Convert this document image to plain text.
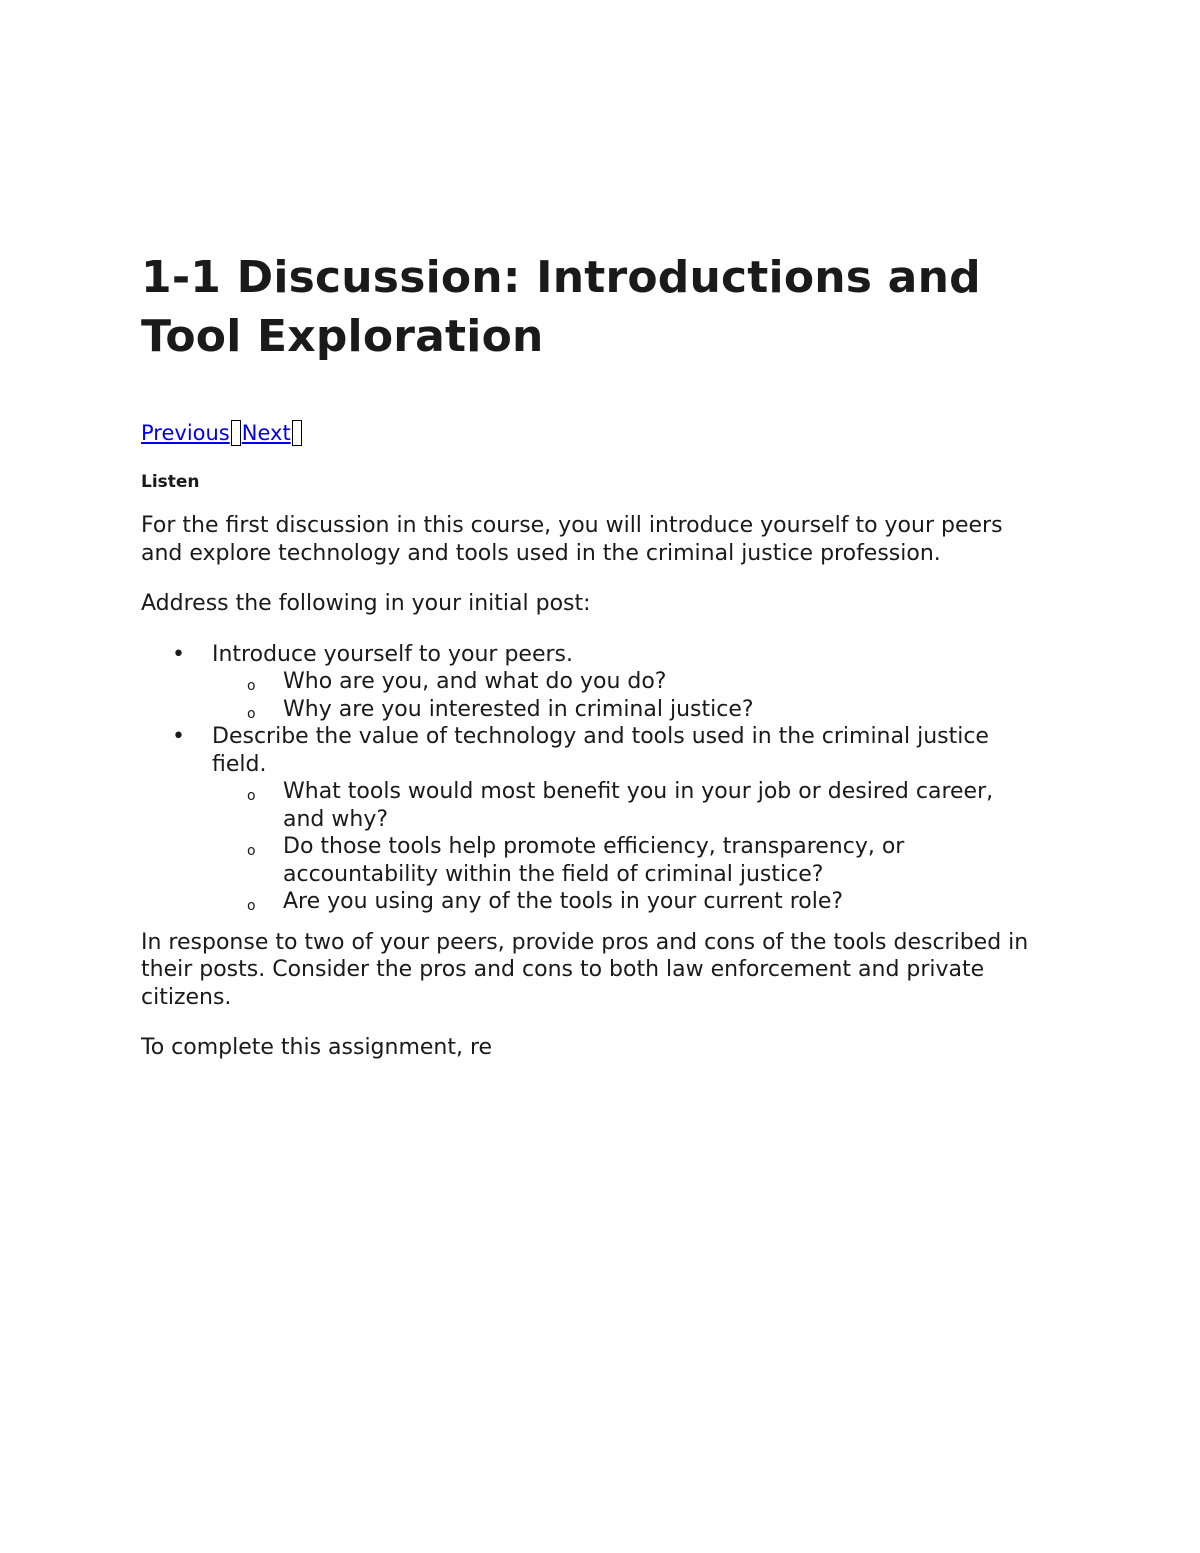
1-1 Discussion: Introductions and Tool Exploration
Previous Next
Listen

For the first discussion in this course, you will introduce yourself to your peers and explore technology and tools used in the criminal justice profession.

Address the following in your initial post:

• Introduce yourself to your peers.
o Who are you, and what do you do?
o Why are you interested in criminal justice?
• Describe the value of technology and tools used in the criminal justice field.
o What tools would most benefit you in your job or desired career, and why?
o Do those tools help promote efficiency, transparency, or accountability within the field of criminal justice?
o Are you using any of the tools in your current role?

In response to two of your peers, provide pros and cons of the tools described in their posts. Consider the pros and cons to both law enforcement and private citizens.

To complete this assignment, re
